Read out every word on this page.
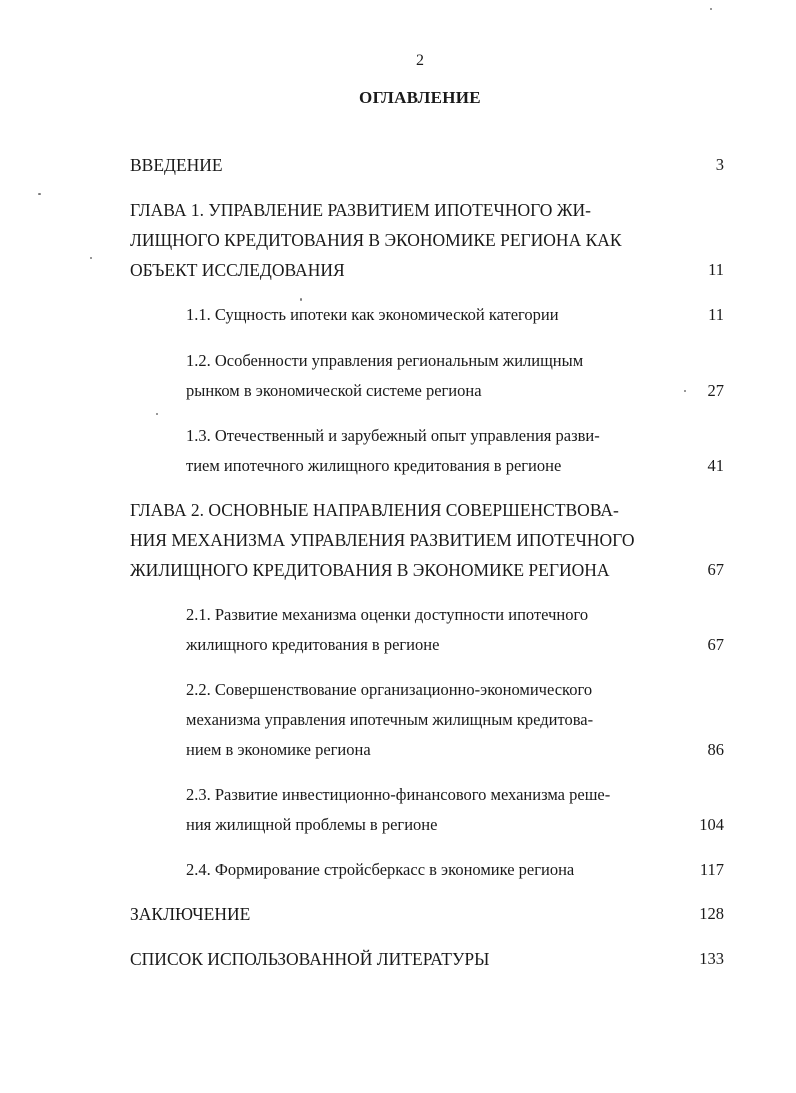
2
ОГЛАВЛЕНИЕ
ВВЕДЕНИЕ	3
ГЛАВА 1. УПРАВЛЕНИЕ РАЗВИТИЕМ ИПОТЕЧНОГО ЖИ-
ЛИЩНОГО КРЕДИТОВАНИЯ В ЭКОНОМИКЕ РЕГИОНА КАК
ОБЪЕКТ ИССЛЕДОВАНИЯ	11
1.1. Сущность ипотеки как экономической категории	11
1.2. Особенности управления региональным жилищным
рынком в экономической системе региона	27
1.3. Отечественный и зарубежный опыт управления разви-
тием ипотечного жилищного кредитования в регионе	41
ГЛАВА 2. ОСНОВНЫЕ НАПРАВЛЕНИЯ СОВЕРШЕНСТВОВА-
НИЯ МЕХАНИЗМА УПРАВЛЕНИЯ РАЗВИТИЕМ ИПОТЕЧНОГО
ЖИЛИЩНОГО КРЕДИТОВАНИЯ В ЭКОНОМИКЕ РЕГИОНА	67
2.1. Развитие механизма оценки доступности ипотечного
жилищного кредитования в регионе	67
2.2. Совершенствование организационно-экономического
механизма управления ипотечным жилищным кредитова-
нием в экономике региона	86
2.3. Развитие инвестиционно-финансового механизма реше-
ния жилищной проблемы в регионе	104
2.4. Формирование стройсберкасс в экономике региона	117
ЗАКЛЮЧЕНИЕ	128
СПИСОК ИСПОЛЬЗОВАННОЙ ЛИТЕРАТУРЫ	133
